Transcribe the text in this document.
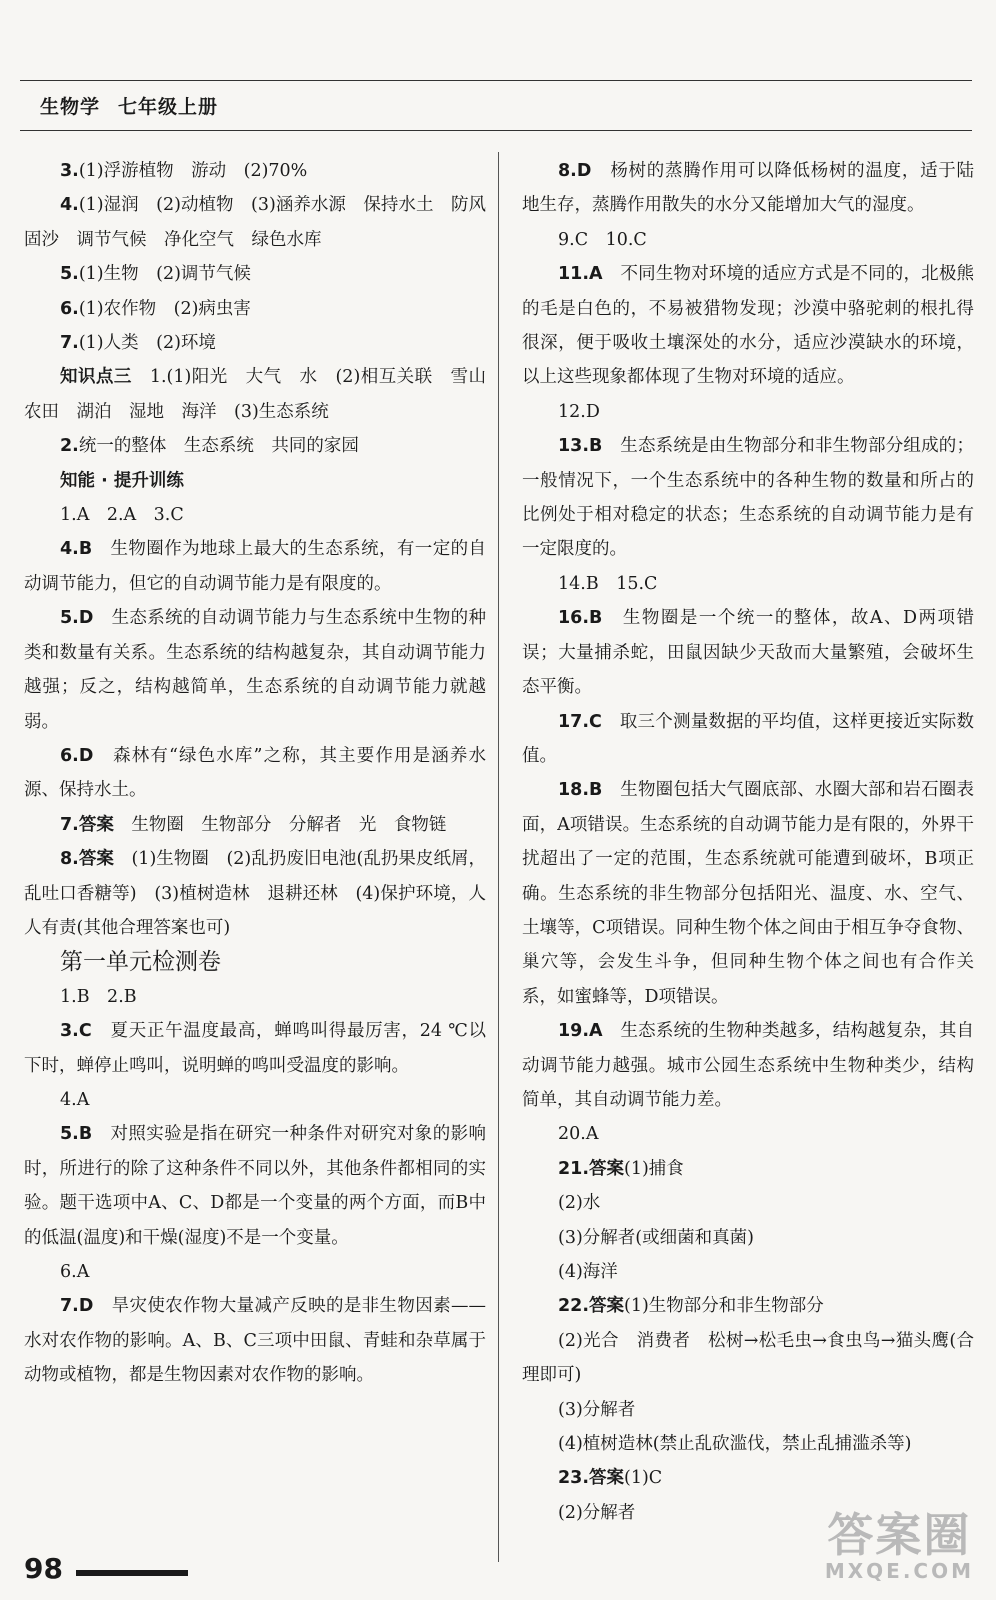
生物学 七年级上册

3.(1)浮游植物　游动　(2)70%

4.(1)湿润　(2)动植物　(3)涵养水源　保持水土　防风固沙　调节气候　净化空气　绿色水库

5.(1)生物　(2)调节气候

6.(1)农作物　(2)病虫害

7.(1)人类　(2)环境

知识点三　 1.(1)阳光　大气　水　(2)相互关联　雪山　农田　湖泊　湿地　海洋　(3)生态系统

2.统一的整体　生态系统　共同的家园

知能 · 提升训练

1.A　2.A　3.C

4.B　 生物圈作为地球上最大的生态系统，有一定的自动调节能力，但它的自动调节能力是有限度的。

5.D　 生态系统的自动调节能力与生态系统中生物的种类和数量有关系。生态系统的结构越复杂，其自动调节能力越强；反之，结构越简单，生态系统的自动调节能力就越弱。

6.D　 森林有“绿色水库”之称，其主要作用是涵养水源、保持水土。

7.答案　 生物圈　生物部分　分解者　光　食物链

8.答案　 (1)生物圈　(2)乱扔废旧电池(乱扔果皮纸屑，乱吐口香糖等)　(3)植树造林　退耕还林　(4)保护环境，人人有责(其他合理答案也可)

第一单元检测卷

1.B　2.B

3.C　 夏天正午温度最高，蝉鸣叫得最厉害，24 ℃以下时，蝉停止鸣叫，说明蝉的鸣叫受温度的影响。

4.A

5.B　 对照实验是指在研究一种条件对研究对象的影响时，所进行的除了这种条件不同以外，其他条件都相同的实验。题干选项中A、C、D都是一个变量的两个方面，而B中的低温(温度)和干燥(湿度)不是一个变量。

6.A

7.D　 旱灾使农作物大量减产反映的是非生物因素——水对农作物的影响。A、B、C三项中田鼠、青蛙和杂草属于动物或植物，都是生物因素对农作物的影响。

8.D　 杨树的蒸腾作用可以降低杨树的温度，适于陆地生存，蒸腾作用散失的水分又能增加大气的湿度。

9.C　10.C

11.A　 不同生物对环境的适应方式是不同的，北极熊的毛是白色的，不易被猎物发现；沙漠中骆驼刺的根扎得很深，便于吸收土壤深处的水分，适应沙漠缺水的环境，以上这些现象都体现了生物对环境的适应。

12.D

13.B　 生态系统是由生物部分和非生物部分组成的；一般情况下，一个生态系统中的各种生物的数量和所占的比例处于相对稳定的状态；生态系统的自动调节能力是有一定限度的。

14.B　15.C

16.B　 生物圈是一个统一的整体，故A、D两项错误；大量捕杀蛇，田鼠因缺少天敌而大量繁殖，会破坏生态平衡。

17.C　 取三个测量数据的平均值，这样更接近实际数值。

18.B　 生物圈包括大气圈底部、水圈大部和岩石圈表面，A项错误。生态系统的自动调节能力是有限的，外界干扰超出了一定的范围，生态系统就可能遭到破坏，B项正确。生态系统的非生物部分包括阳光、温度、水、空气、土壤等，C项错误。同种生物个体之间由于相互争夺食物、巢穴等，会发生斗争，但同种生物个体之间也有合作关系，如蜜蜂等，D项错误。

19.A　 生态系统的生物种类越多，结构越复杂，其自动调节能力越强。城市公园生态系统中生物种类少，结构简单，其自动调节能力差。

20.A

21.答案(1)捕食

(2)水

(3)分解者(或细菌和真菌)

(4)海洋

22.答案(1)生物部分和非生物部分

(2)光合　消费者　松树→松毛虫→食虫鸟→猫头鹰(合理即可)

(3)分解者

(4)植树造林(禁止乱砍滥伐，禁止乱捕滥杀等)

23.答案(1)C

(2)分解者

98
答案圈
MXQE.COM
